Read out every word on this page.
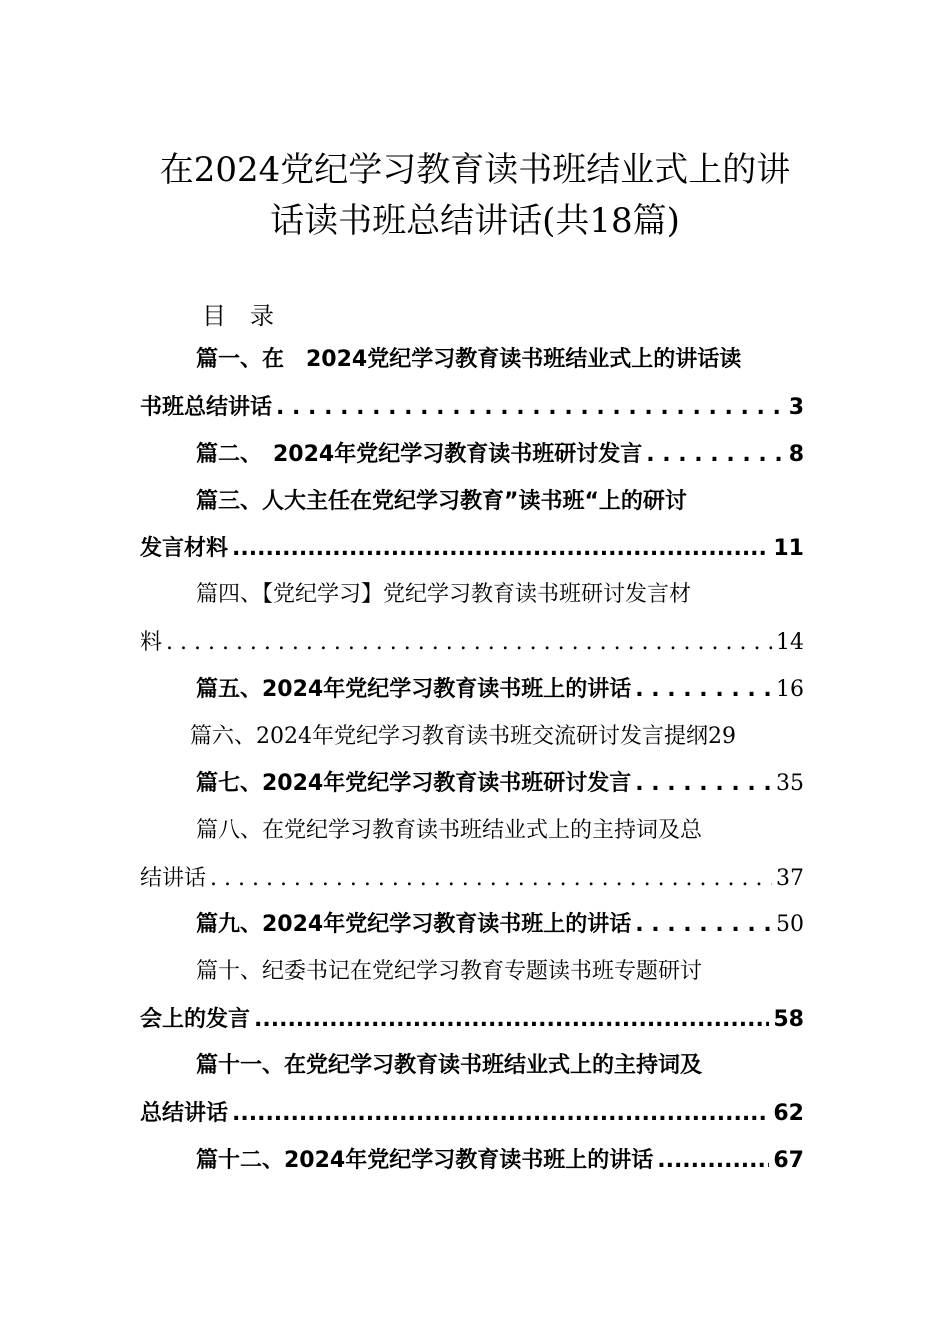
在2024党纪学习教育读书班结业式上的讲
话读书班总结讲话(共18篇)
目　录
篇一、在　2024党纪学习教育读书班结业式上的讲话读
书班总结讲话 . . .	3
篇二、　2024年党纪学习教育读书班研讨发言 . . .	8
篇三、人大主任在党纪学习教育”读书班“上的研讨
发言材料 .....	11
篇四、【党纪学习】党纪学习教育读书班研讨发言材
料 . . .	14
篇五、2024年党纪学习教育读书班上的讲话 . . .	16
篇六、2024年党纪学习教育读书班交流研讨发言提纲 29
篇七、2024年党纪学习教育读书班研讨发言 . . .	35
篇八、在党纪学习教育读书班结业式上的主持词及总
结讲话 . . .	37
篇九、2024年党纪学习教育读书班上的讲话 . . .	50
篇十、纪委书记在党纪学习教育专题读书班专题研讨
会上的发言 .....	58
篇十一、在党纪学习教育读书班结业式上的主持词及
总结讲话 .....	62
篇十二、2024年党纪学习教育读书班上的讲话 .....	67
